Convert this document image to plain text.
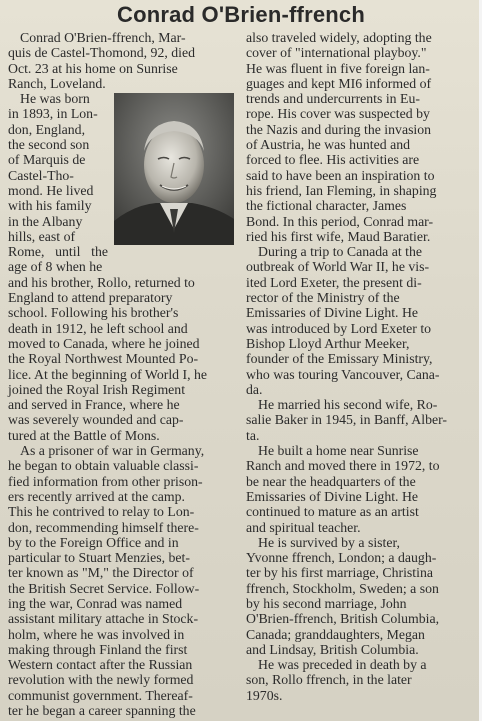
Conrad O'Brien-ffrench

Conrad O'Brien-ffrench, Mar-
quis de Castel-Thomond, 92, died
Oct. 23 at his home on Sunrise
Ranch, Loveland.

He was born
in 1893, in Lon-
don, England,
the second son
of Marquis de
Castel-Tho-
mond. He lived
with his family
in the Albany
hills, east of
Rome, until the age of 8 when he
and his brother, Rollo, returned to
England to attend preparatory
school. Following his brother's
death in 1912, he left school and
moved to Canada, where he joined
the Royal Northwest Mounted Po-
lice. At the beginning of World I, he
joined the Royal Irish Regiment
and served in France, where he
was severely wounded and cap-
tured at the Battle of Mons.

As a prisoner of war in Germany,
he began to obtain valuable classi-
fied information from other prison-
ers recently arrived at the camp.
This he contrived to relay to Lon-
don, recommending himself there-
by to the Foreign Office and in
particular to Stuart Menzies, bet-
ter known as "M," the Director of
the British Secret Service. Follow-
ing the war, Conrad was named
assistant military attache in Stock-
holm, where he was involved in
making through Finland the first
Western contact after the Russian
revolution with the newly formed
communist government. Thereaf-
ter he began a career spanning the

also traveled widely, adopting the
cover of "international playboy."
He was fluent in five foreign lan-
guages and kept MI6 informed of
trends and undercurrents in Eu-
rope. His cover was suspected by
the Nazis and during the invasion
of Austria, he was hunted and
forced to flee. His activities are
said to have been an inspiration to
his friend, Ian Fleming, in shaping
the fictional character, James
Bond. In this period, Conrad mar-
ried his first wife, Maud Baratier.

During a trip to Canada at the
outbreak of World War II, he vis-
ited Lord Exeter, the present di-
rector of the Ministry of the
Emissaries of Divine Light. He
was introduced by Lord Exeter to
Bishop Lloyd Arthur Meeker,
founder of the Emissary Ministry,
who was touring Vancouver, Cana-
da.

He married his second wife, Ro-
salie Baker in 1945, in Banff, Alber-
ta.

He built a home near Sunrise
Ranch and moved there in 1972, to
be near the headquarters of the
Emissaries of Divine Light. He
continued to mature as an artist
and spiritual teacher.

He is survived by a sister,
Yvonne ffrench, London; a daugh-
ter by his first marriage, Christina
ffrench, Stockholm, Sweden; a son
by his second marriage, John
O'Brien-ffrench, British Columbia,
Canada; granddaughters, Megan
and Lindsay, British Columbia.

He was preceded in death by a
son, Rollo ffrench, in the later
1970s.
